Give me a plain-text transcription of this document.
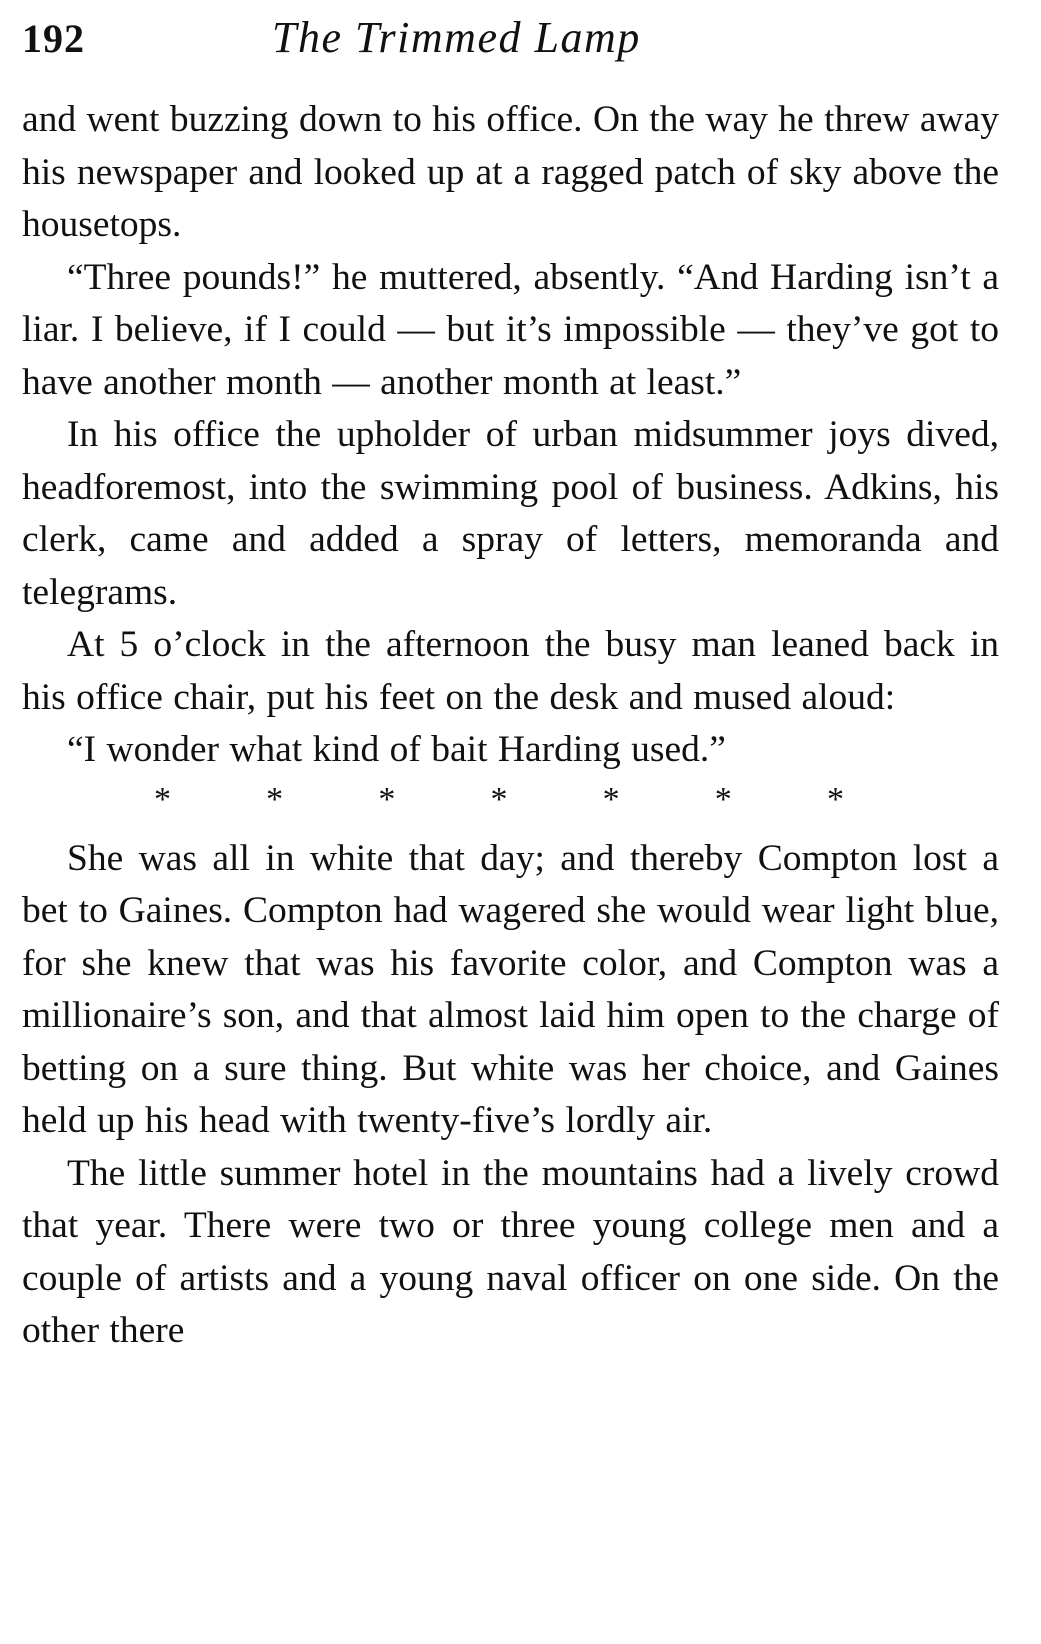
192	The Trimmed Lamp

and went buzzing down to his office. On the way he threw away his newspaper and looked up at a ragged patch of sky above the housetops.

“Three pounds!” he muttered, absently. “And Harding isn’t a liar. I believe, if I could — but it’s impossible — they’ve got to have another month — another month at least.”

In his office the upholder of urban midsummer joys dived, headforemost, into the swimming pool of business. Adkins, his clerk, came and added a spray of letters, memoranda and telegrams.

At 5 o’clock in the afternoon the busy man leaned back in his office chair, put his feet on the desk and mused aloud:

“I wonder what kind of bait Harding used.”

*	*	*	*	*	*	*

She was all in white that day; and thereby Compton lost a bet to Gaines. Compton had wagered she would wear light blue, for she knew that was his favorite color, and Compton was a millionaire’s son, and that almost laid him open to the charge of betting on a sure thing. But white was her choice, and Gaines held up his head with twenty-five’s lordly air.

The little summer hotel in the mountains had a lively crowd that year. There were two or three young college men and a couple of artists and a young naval officer on one side. On the other there
